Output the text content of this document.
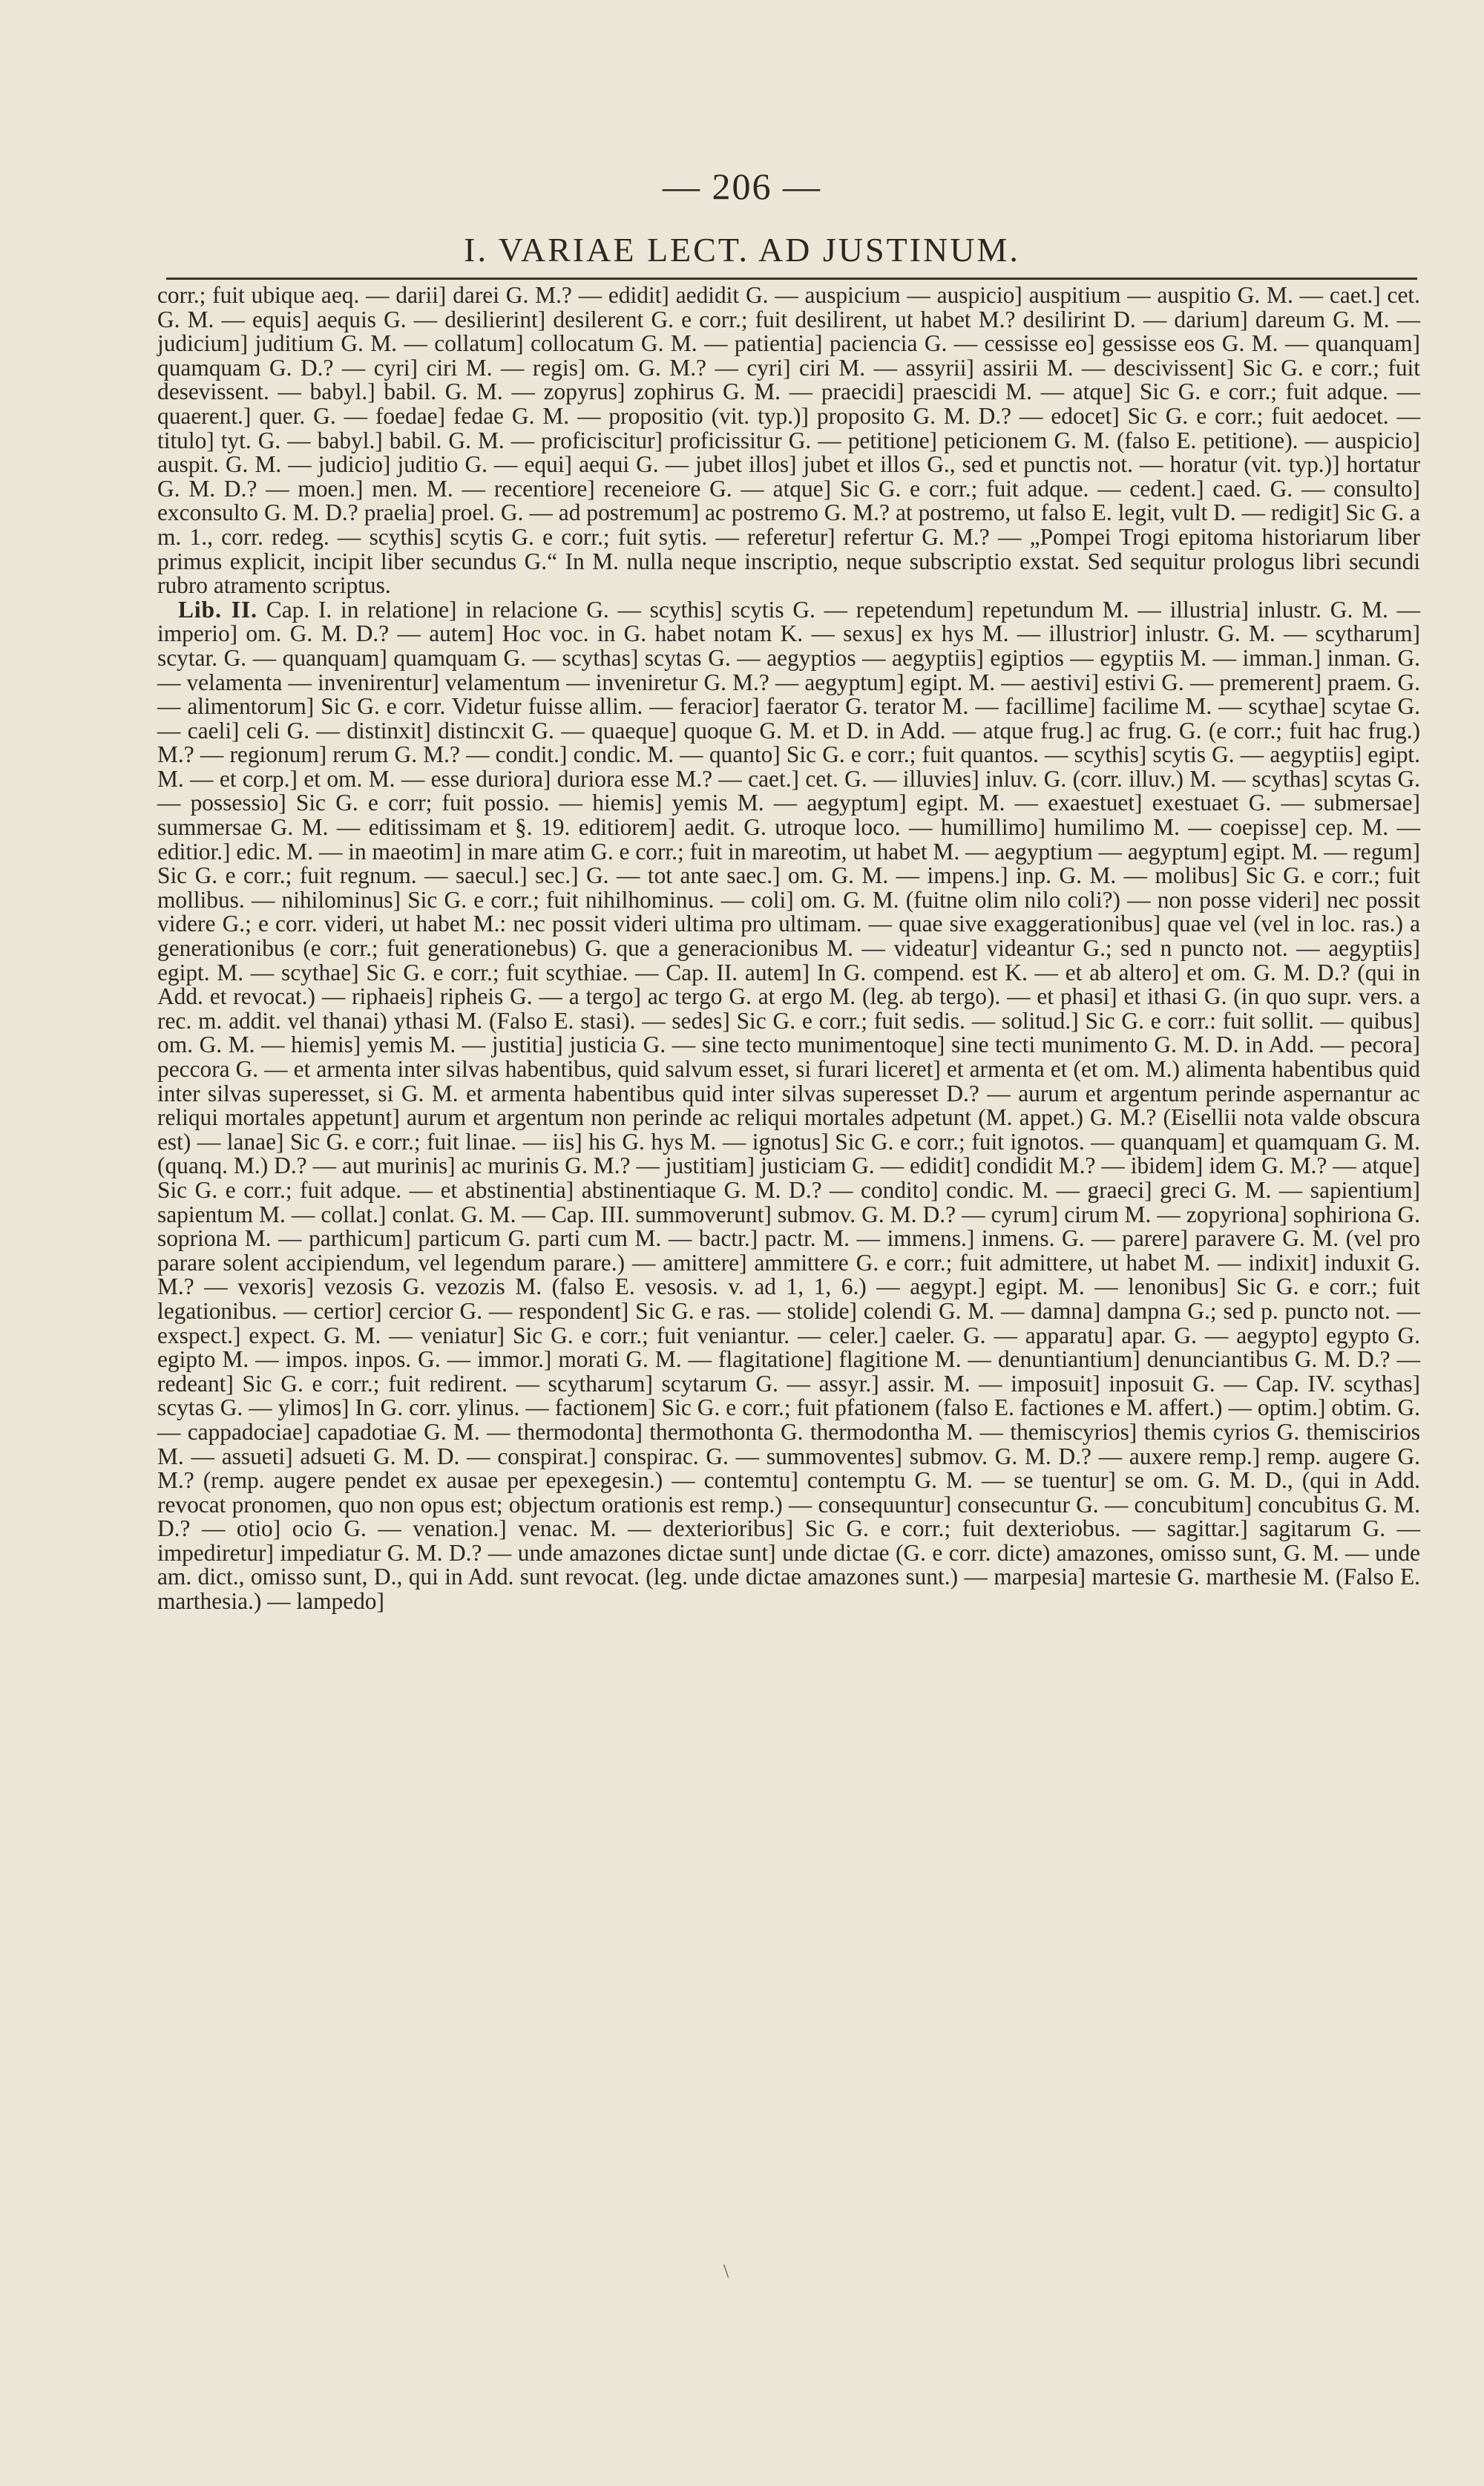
— 206 —
I. VARIAE LECT. AD JUSTINUM.

corr.; fuit ubique aeq. — darii] darei G. M.? — edidit] aedidit G. — auspicium — auspicio] auspitium — auspitio G. M. — caet.] cet. G. M. — equis] aequis G. — desilierint] desilerent G. e corr.; fuit desilirent, ut habet M.? desilirint D. — darium] dareum G. M. — judicium] juditium G. M. — collatum] collocatum G. M. — patientia] paciencia G. — cessisse eo] gessisse eos G. M. — quanquam] quamquam G. D.? — cyri] ciri M. — regis] om. G. M.? — cyri] ciri M. — assyrii] assirii M. — descivissent] Sic G. e corr.; fuit desevissent. — babyl.] babil. G. M. — zopyrus] zophirus G. M. — praecidi] praescidi M. — atque] Sic G. e corr.; fuit adque. — quaerent.] quer. G. — foedae] fedae G. M. — propositio (vit. typ.)] proposito G. M. D.? — edocet] Sic G. e corr.; fuit aedocet. — titulo] tyt. G. — babyl.] babil. G. M. — proficiscitur] proficissitur G. — petitione] peticionem G. M. (falso E. petitione). — auspicio] auspit. G. M. — judicio] juditio G. — equi] aequi G. — jubet illos] jubet et illos G., sed et punctis not. — horatur (vit. typ.)] hortatur G. M. D.? — moen.] men. M. — recentiore] receneiore G. — atque] Sic G. e corr.; fuit adque. — cedent.] caed. G. — consulto] exconsulto G. M. D.? praelia] proel. G. — ad postremum] ac postremo G. M.? at postremo, ut falso E. legit, vult D. — redigit] Sic G. a m. 1., corr. redeg. — scythis] scytis G. e corr.; fuit sytis. — referetur] refertur G. M.? — „Pompei Trogi epitoma historiarum liber primus explicit, incipit liber secundus G.“ In M. nulla neque inscriptio, neque subscriptio exstat. Sed sequitur prologus libri secundi rubro atramento scriptus.

Lib. II. Cap. I. in relatione] in relacione G. — scythis] scytis G. — repetendum] repetundum M. — illustria] inlustr. G. M. — imperio] om. G. M. D.? — autem] Hoc voc. in G. habet notam K. — sexus] ex hys M. — illustrior] inlustr. G. M. — scytharum] scytar. G. — quanquam] quamquam G. — scythas] scytas G. — aegyptios — aegyptiis] egiptios — egyptiis M. — imman.] inman. G. — velamenta — invenirentur] velamentum — inveniretur G. M.? — aegyptum] egipt. M. — aestivi] estivi G. — premerent] praem. G. — alimentorum] Sic G. e corr. Videtur fuisse allim. — feracior] faerator G. terator M. — facillime] facilime M. — scythae] scytae G. — caeli] celi G. — distinxit] distincxit G. — quaeque] quoque G. M. et D. in Add. — atque frug.] ac frug. G. (e corr.; fuit hac frug.) M.? — regionum] rerum G. M.? — condit.] condic. M. — quanto] Sic G. e corr.; fuit quantos. — scythis] scytis G. — aegyptiis] egipt. M. — et corp.] et om. M. — esse duriora] duriora esse M.? — caet.] cet. G. — illuvies] inluv. G. (corr. illuv.) M. — scythas] scytas G. — possessio] Sic G. e corr; fuit possio. — hiemis] yemis M. — aegyptum] egipt. M. — exaestuet] exestuaet G. — submersae] summersae G. M. — editissimam et §. 19. editiorem] aedit. G. utroque loco. — humillimo] humilimo M. — coepisse] cep. M. — editior.] edic. M. — in maeotim] in mare atim G. e corr.; fuit in mareotim, ut habet M. — aegyptium — aegyptum] egipt. M. — regum] Sic G. e corr.; fuit regnum. — saecul.] sec.] G. — tot ante saec.] om. G. M. — impens.] inp. G. M. — molibus] Sic G. e corr.; fuit mollibus. — nihilominus] Sic G. e corr.; fuit nihilhominus. — coli] om. G. M. (fuitne olim nilo coli?) — non posse videri] nec possit videre G.; e corr. videri, ut habet M.: nec possit videri ultima pro ultimam. — quae sive exaggerationibus] quae vel (vel in loc. ras.) a generationibus (e corr.; fuit generationebus) G. que a generacionibus M. — videatur] videantur G.; sed n puncto not. — aegyptiis] egipt. M. — scythae] Sic G. e corr.; fuit scythiae. — Cap. II. autem] In G. compend. est K. — et ab altero] et om. G. M. D.? (qui in Add. et revocat.) — riphaeis] ripheis G. — a tergo] ac tergo G. at ergo M. (leg. ab tergo). — et phasi] et ithasi G. (in quo supr. vers. a rec. m. addit. vel thanai) ythasi M. (Falso E. stasi). — sedes] Sic G. e corr.; fuit sedis. — solitud.] Sic G. e corr.: fuit sollit. — quibus] om. G. M. — hiemis] yemis M. — justitia] justicia G. — sine tecto munimentoque] sine tecti munimento G. M. D. in Add. — pecora] peccora G. — et armenta inter silvas habentibus, quid salvum esset, si furari liceret] et armenta et (et om. M.) alimenta habentibus quid inter silvas superesset, si G. M. et armenta habentibus quid inter silvas superesset D.? — aurum et argentum perinde aspernantur ac reliqui mortales appetunt] aurum et argentum non perinde ac reliqui mortales adpetunt (M. appet.) G. M.? (Eisellii nota valde obscura est) — lanae] Sic G. e corr.; fuit linae. — iis] his G. hys M. — ignotus] Sic G. e corr.; fuit ignotos. — quanquam] et quamquam G. M. (quanq. M.) D.? — aut murinis] ac murinis G. M.? — justitiam] justiciam G. — edidit] condidit M.? — ibidem] idem G. M.? — atque] Sic G. e corr.; fuit adque. — et abstinentia] abstinentiaque G. M. D.? — condito] condic. M. — graeci] greci G. M. — sapientium] sapientum M. — collat.] conlat. G. M. — Cap. III. summoverunt] submov. G. M. D.? — cyrum] cirum M. — zopyriona] sophiriona G. sopriona M. — parthicum] particum G. parti cum M. — bactr.] pactr. M. — immens.] inmens. G. — parere] paravere G. M. (vel pro parare solent accipiendum, vel legendum parare.) — amittere] ammittere G. e corr.; fuit admittere, ut habet M. — indixit] induxit G. M.? — vexoris] vezosis G. vezozis M. (falso E. vesosis. v. ad 1, 1, 6.) — aegypt.] egipt. M. — lenonibus] Sic G. e corr.; fuit legationibus. — certior] cercior G. — respondent] Sic G. e ras. — stolide] colendi G. M. — damna] dampna G.; sed p. puncto not. — exspect.] expect. G. M. — veniatur] Sic G. e corr.; fuit veniantur. — celer.] caeler. G. — apparatu] apar. G. — aegypto] egypto G. egipto M. — impos. inpos. G. — immor.] morati G. M. — flagitatione] flagitione M. — denuntiantium] denunciantibus G. M. D.? — redeant] Sic G. e corr.; fuit redirent. — scytharum] scytarum G. — assyr.] assir. M. — imposuit] inposuit G. — Cap. IV. scythas] scytas G. — ylimos] In G. corr. ylinus. — factionem] Sic G. e corr.; fuit pfationem (falso E. factiones e M. affert.) — optim.] obtim. G. — cappadociae] capadotiae G. M. — thermodonta] thermothonta G. thermodontha M. — themiscyrios] themis cyrios G. themiscirios M. — assueti] adsueti G. M. D. — conspirat.] conspirac. G. — summoventes] submov. G. M. D.? — auxere remp.] remp. augere G. M.? (remp. augere pendet ex ausae per epexegesin.) — contemtu] contemptu G. M. — se tuentur] se om. G. M. D., (qui in Add. revocat pronomen, quo non opus est; objectum orationis est remp.) — consequuntur] consecuntur G. — concubitum] concubitus G. M. D.? — otio] ocio G. — venation.] venac. M. — dexterioribus] Sic G. e corr.; fuit dexteriobus. — sagittar.] sagitarum G. — impediretur] impediatur G. M. D.? — unde amazones dictae sunt] unde dictae (G. e corr. dicte) amazones, omisso sunt, G. M. — unde am. dict., omisso sunt, D., qui in Add. sunt revocat. (leg. unde dictae amazones sunt.) — marpesia] martesie G. marthesie M. (Falso E. marthesia.) — lampedo]

\
